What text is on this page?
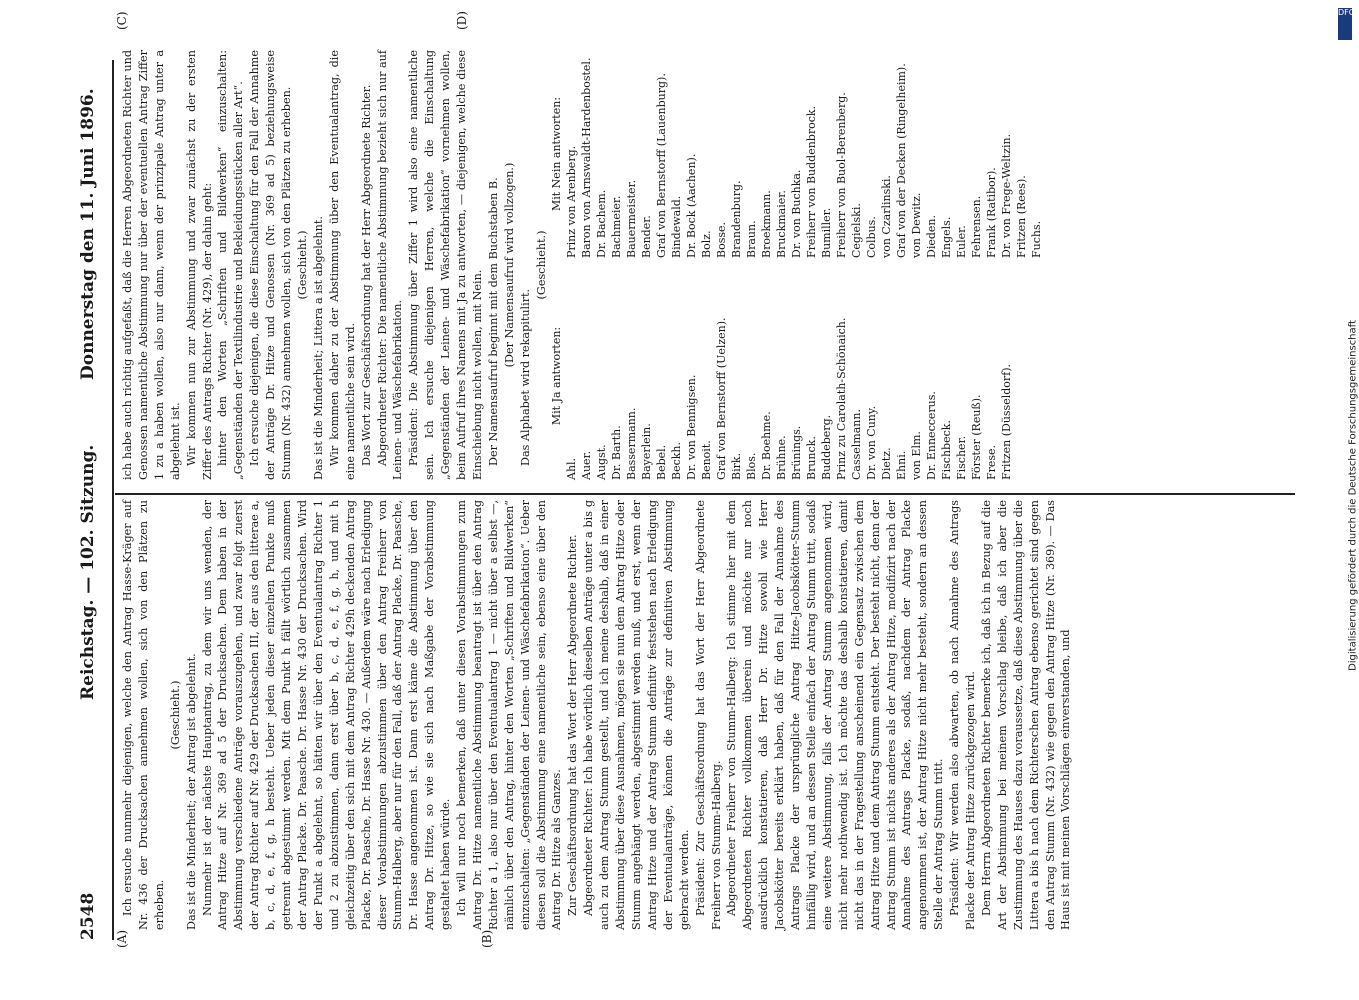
2548
Reichstag. — 102. Sitzung.
Donnerstag den 11. Juni 1896.
(A)	(B)
(C)	(D)

Ich ersuche nunmehr diejenigen, welche den Antrag Hasse-Kräger auf Nr. 436 der Drucksachen annehmen wollen, sich von den Plätzen zu erheben.

(Geschieht.) Das ist die Minderheit; der Antrag ist abgelehnt. Nunmehr ist der nächste Hauptantrag, zu dem wir uns wenden, der Antrag Hitze auf Nr. 369 ad 5 der Drucksachen. Dem haben in der Abstimmung verschiedene Anträge vorauszugehen, und zwar folgt zuerst der Antrag Richter auf Nr. 429 der Drucksachen III, der aus den litterae a, b, c, d, e, f, g, h besteht. Ueber jeden dieser einzelnen Punkte muß getrennt abgestimmt werden. Mit dem Punkt h fällt wörtlich zusammen der Antrag Placke. Dr. Paasche. Dr. Hasse Nr. 430 der Drucksachen. Wird der Punkt a abgelehnt, so hätten wir über den Eventualantrag Richter 1 und 2 zu abzustimmen, dann erst über b, c, d, e, f, g, h, und mit h gleichzeitig über den sich mit dem Antrag Richter 429h deckenden Antrag Placke, Dr. Paasche, Dr. Hasse Nr. 430. — Außerdem wäre nach Erledigung dieser Vorabstimmungen abzustimmen über den Antrag Freiherr von Stumm-Halberg, aber nur für den Fall, daß der Antrag Placke, Dr. Paasche, Dr. Hasse angenommen ist. Dann erst käme die Abstimmung über den Antrag Dr. Hitze, so wie sie sich nach Maßgabe der Vorabstimmung gestaltet haben würde. Ich will nur noch bemerken, daß unter diesen Vorabstimmungen zum Antrag Dr. Hitze namentliche Abstimmung beantragt ist über den Antrag Richter a 1, also nur über den Eventualantrag 1 — nicht über a selbst —, nämlich über den Antrag, hinter den Worten „Schriften und Bildwerken“ einzuschalten: „Gegenständen der Leinen- und Wäschefabrikation“. Ueber diesen soll die Abstimmung eine namentliche sein, ebenso eine über den Antrag Dr. Hitze als Ganzes. Zur Geschäftsordnung hat das Wort der Herr Abgeordnete Richter. Abgeordneter Richter: Ich habe wörtlich dieselben Anträge unter a bis g auch zu dem Antrag Stumm gestellt, und ich meine deshalb, daß in einer Abstimmung über diese Ausnahmen, mögen sie nun dem Antrag Hitze oder Stumm angehängt werden, abgestimmt werden muß, und erst, wenn der Antrag Hitze und der Antrag Stumm definitiv feststehen nach Erledigung der Eventualanträge, können die Anträge zur definitiven Abstimmung gebracht werden. Präsident: Zur Geschäftsordnung hat das Wort der Herr Abgeordnete Freiherr von Stumm-Halberg. Abgeordneter Freiherr von Stumm-Halberg: Ich stimme hier mit dem Abgeordneten Richter vollkommen überein und möchte nur noch ausdrücklich konstatieren, daß Herr Dr. Hitze sowohl wie Herr Jacobskötter bereits erklärt haben, daß für den Fall der Annahme des Antrags Placke der ursprüngliche Antrag Hitze-Jacobskötter-Stumm hinfällig wird, und an dessen Stelle einfach der Antrag Stumm tritt, sodaß eine weitere Abstimmung, falls der Antrag Stumm angenommen wird, nicht mehr nothwendig ist. Ich möchte das deshalb konstatieren, damit nicht das in der Fragestellung anscheinend ein Gegensatz zwischen dem Antrag Hitze und dem Antrag Stumm entsteht. Der besteht nicht, denn der Antrag Stumm ist nichts anderes als der Antrag Hitze, modifizirt nach der Annahme des Antrags Placke, sodaß, nachdem der Antrag Placke angenommen ist, der Antrag Hitze nicht mehr besteht, sondern an dessen Stelle der Antrag Stumm tritt. Präsident: Wir werden also abwarten, ob nach Annahme des Antrags Placke der Antrag Hitze zurückgezogen wird. Dem Herrn Abgeordneten Richter bemerke ich, daß ich in Bezug auf die Art der Abstimmung bei meinem Vorschlag bleibe, daß ich aber die Zustimmung des Hauses dazu voraussetze, daß diese Abstimmung über die Littera a bis h nach dem Richterschen Antrag ebenso gerichtet sind gegen den Antrag Stumm (Nr. 432) wie gegen den Antrag Hitze (Nr. 369). — Das Haus ist mit meinen Vorschlägen einverstanden, und

ich habe auch richtig aufgefaßt, daß die Herren Abgeordneten Richter und Genossen namentliche Abstimmung nur über der eventuellen Antrag Ziffer 1 zu a haben wollen, also nur dann, wenn der prinzipale Antrag unter a abgelehnt ist. Wir kommen nun zur Abstimmung und zwar zunächst zu der ersten Ziffer des Antrags Richter (Nr. 429), der dahin geht: hinter den Worten „Schriften und Bildwerken“ einzuschalten: „Gegenständen der Textilindustrie und Bekleidungsstücken aller Art“. Ich ersuche diejenigen, die diese Einschaltung für den Fall der Annahme der Anträge Dr. Hitze und Genossen (Nr. 369 ad 5) beziehungsweise Stumm (Nr. 432) annehmen wollen, sich von den Plätzen zu erheben. (Geschieht.) Das ist die Minderheit; Littera a ist abgelehnt. Wir kommen daher zu der Abstimmung über den Eventualantrag, die eine namentliche sein wird. Das Wort zur Geschäftsordnung hat der Herr Abgeordnete Richter. Abgeordneter Richter: Die namentliche Abstimmung bezieht sich nur auf Leinen- und Wäschefabrikation. Präsident: Die Abstimmung über Ziffer 1 wird also eine namentliche sein. Ich ersuche diejenigen Herren, welche die Einschaltung „Gegenständen der Leinen- und Wäschefabrikation“ vornehmen wollen, beim Aufruf ihres Namens mit Ja zu antworten, — diejenigen, welche diese Einschiebung nicht wollen, mit Nein. Der Namensaufruf beginnt mit dem Buchstaben B. (Der Namensaufruf wird vollzogen.)

Das Alphabet wird rekapitulirt.

(Geschieht.)

Mit Ja antworten:

Ahl. Auer. Augst. Dr. Barth. Bassermann. Bayerlein. Bebel. Beckh. Dr. von Bennigsen. Benoit. Graf von Bernstorff (Uelzen). Birk. Blos. Dr. Boehme. Brühne. Brünings. Brunck. Buddeberg. Prinz zu Carolath-Schönaich. Casselmann. Dr. von Cuny. Dietz. Ehni. von Elm. Dr. Enneccerus. Fischbeck. Fischer. Förster (Reuß). Frese. Fritzen (Düsseldorf).

Mit Nein antworten: Prinz von Arenberg. Baron von Arnswaldt-Hardenbostel. Dr. Bachem. Bachmeier. Bauermeister. Bender. Graf von Bernstorff (Lauenburg). Bindewald. Dr. Bock (Aachen). Bolz. Bosse. Brandenburg. Braun. Broekmann. Bruckmaier. Dr. von Buchka. Freiherr von Buddenbrock. Bumiller. Freiherr von Buol-Berenberg. Cegielski. Colbus. von Czarlinski. Graf von der Decken (Ringelheim). von Dewitz. Dieden. Engels. Euler. Fehrensen. Frank (Ratibor). Dr. von Frege-Weltzin. Fritzen (Rees). Fuchs.
DFG
Digitalisierung gefördert durch die Deutsche Forschungsgemeinschaft
